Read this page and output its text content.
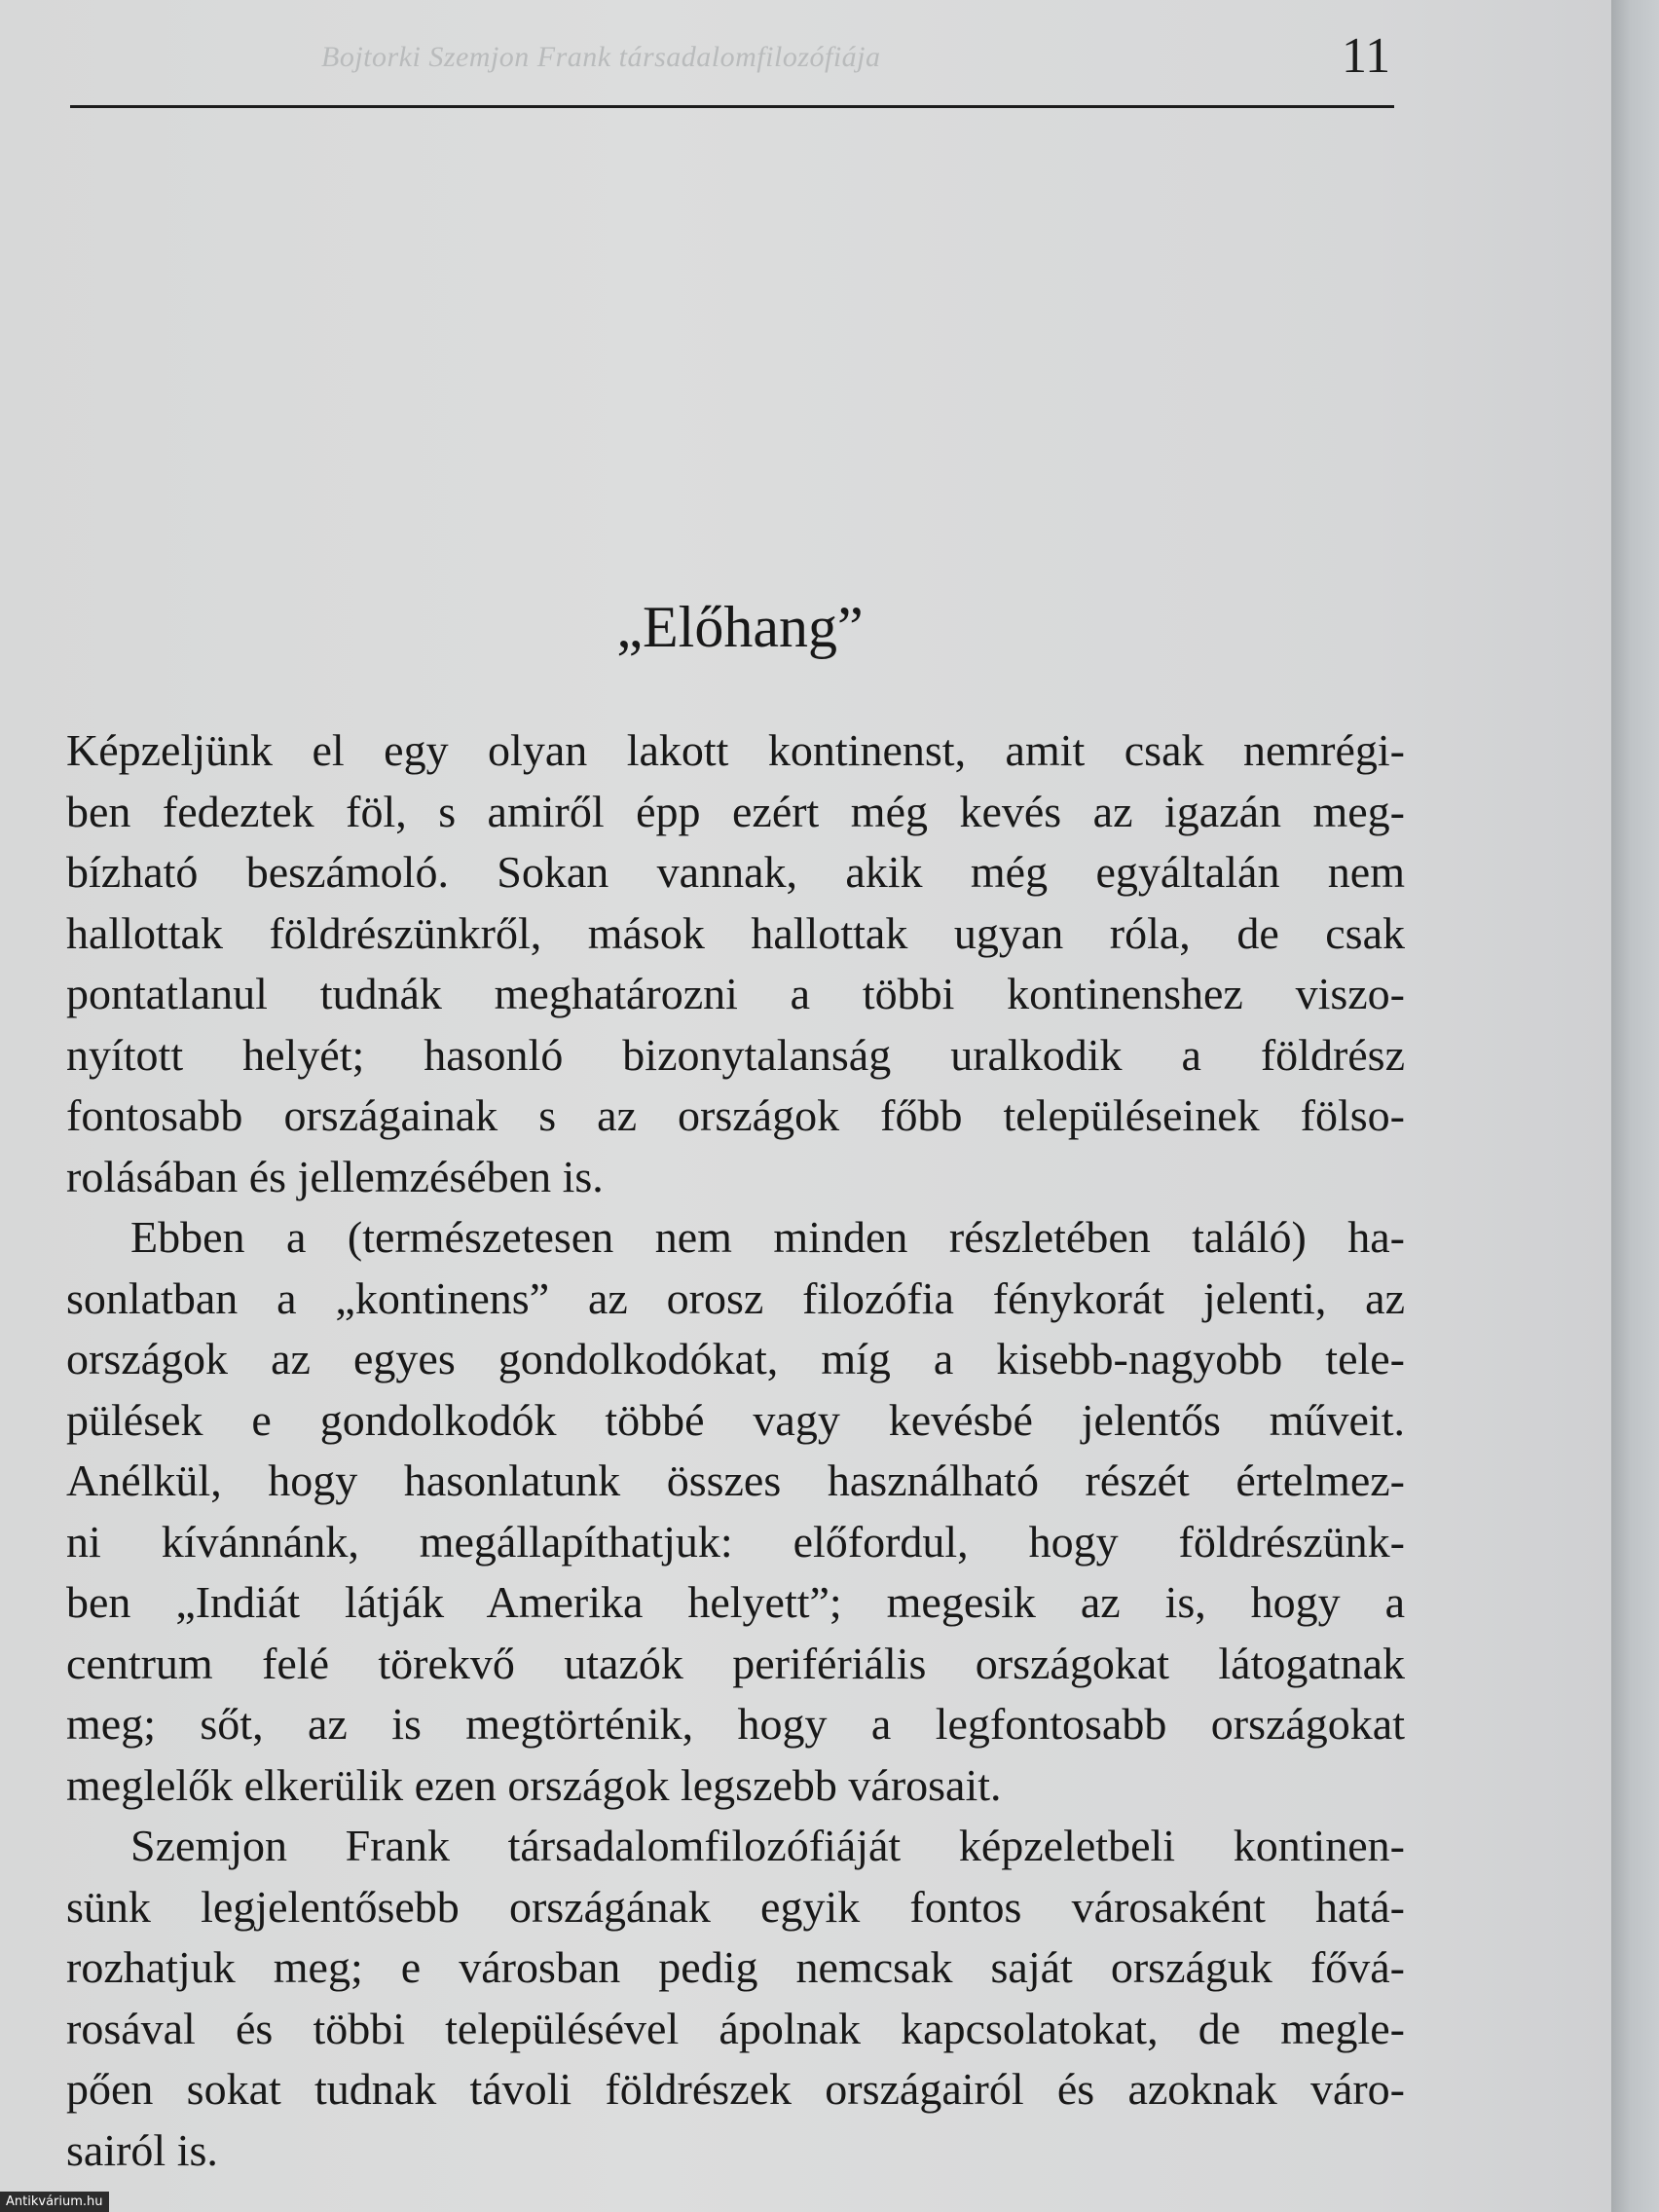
Bojtorki Szemjon Frank társadalomfilozófiája	11
„Előhang”

Képzeljünk el egy olyan lakott kontinenst, amit csak nemrégi-
ben fedeztek föl, s amiről épp ezért még kevés az igazán meg-
bízható beszámoló. Sokan vannak, akik még egyáltalán nem
hallottak földrészünkről, mások hallottak ugyan róla, de csak
pontatlanul tudnák meghatározni a többi kontinenshez viszo-
nyított helyét; hasonló bizonytalanság uralkodik a földrész
fontosabb országainak s az országok főbb településeinek fölso-
rolásában és jellemzésében is.

Ebben a (természetesen nem minden részletében találó) ha-
sonlatban a „kontinens” az orosz filozófia fénykorát jelenti, az
országok az egyes gondolkodókat, míg a kisebb-nagyobb tele-
pülések e gondolkodók többé vagy kevésbé jelentős műveit.
Anélkül, hogy hasonlatunk összes használható részét értelmez-
ni kívánnánk, megállapíthatjuk: előfordul, hogy földrészünk-
ben „Indiát látják Amerika helyett”; megesik az is, hogy a
centrum felé törekvő utazók perifériális országokat látogatnak
meg; sőt, az is megtörténik, hogy a legfontosabb országokat
meglelők elkerülik ezen országok legszebb városait.

Szemjon Frank társadalomfilozófiáját képzeletbeli kontinen-
sünk legjelentősebb országának egyik fontos városaként hatá-
rozhatjuk meg; e városban pedig nemcsak saját országuk fővá-
rosával és többi településével ápolnak kapcsolatokat, de megle-
pően sokat tudnak távoli földrészek országairól és azoknak váro-
sairól is.

Antikvárium.hu
